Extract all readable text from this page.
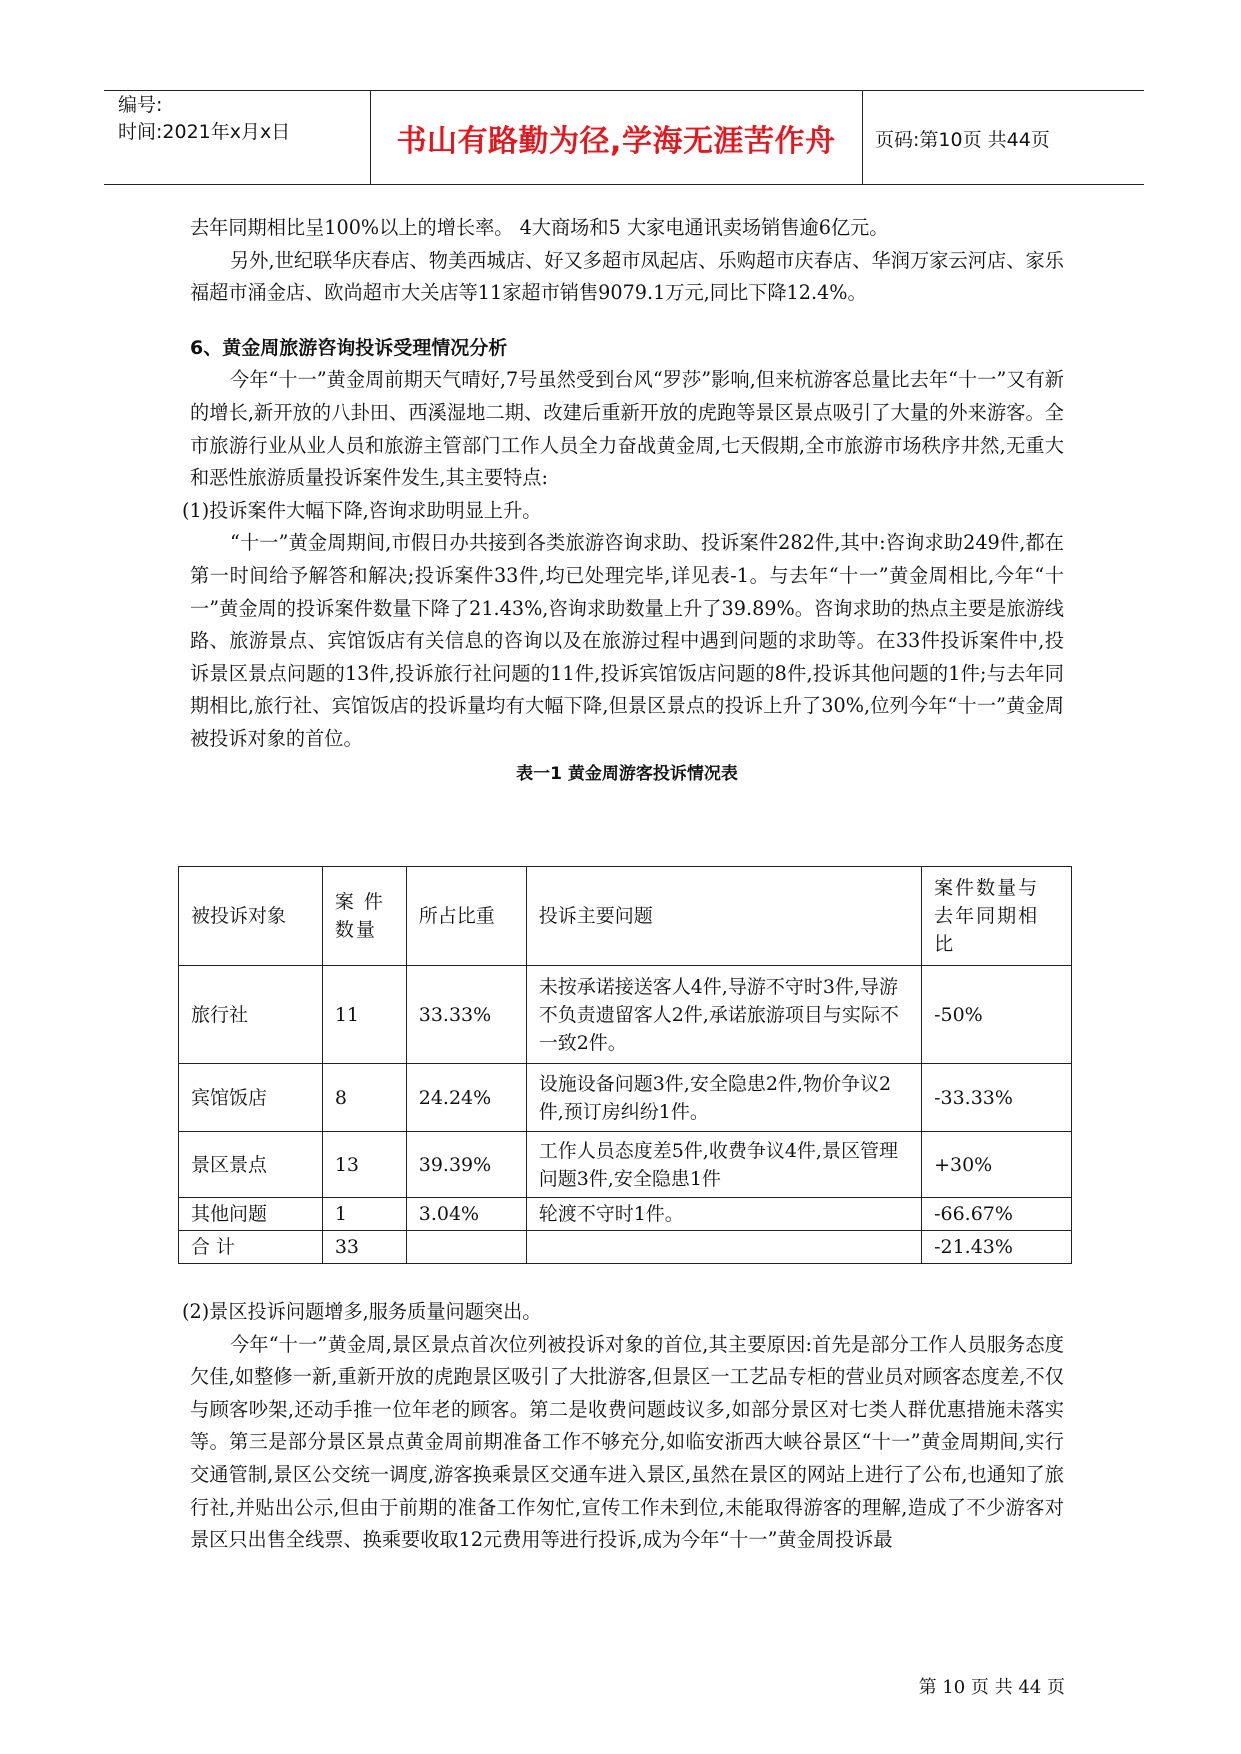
编号:
时间:2021年x月x日	书山有路勤为径,学海无涯苦作舟	页码:第10页 共44页

去年同期相比呈100%以上的增长率。 4大商场和5 大家电通讯卖场销售逾6亿元。

另外,世纪联华庆春店、物美西城店、好又多超市凤起店、乐购超市庆春店、华润万家云河店、家乐福超市涌金店、欧尚超市大关店等11家超市销售9079.1万元,同比下降12.4%。

6、黄金周旅游咨询投诉受理情况分析

今年“十一”黄金周前期天气晴好,7号虽然受到台风“罗莎”影响,但来杭游客总量比去年“十一”又有新的增长,新开放的八卦田、西溪湿地二期、改建后重新开放的虎跑等景区景点吸引了大量的外来游客。全市旅游行业从业人员和旅游主管部门工作人员全力奋战黄金周,七天假期,全市旅游市场秩序井然,无重大和恶性旅游质量投诉案件发生,其主要特点:

(1)投诉案件大幅下降,咨询求助明显上升。

“十一”黄金周期间,市假日办共接到各类旅游咨询求助、投诉案件282件,其中:咨询求助249件,都在第一时间给予解答和解决;投诉案件33件,均已处理完毕,详见表-1。与去年“十一”黄金周相比,今年“十一”黄金周的投诉案件数量下降了21.43%,咨询求助数量上升了39.89%。咨询求助的热点主要是旅游线路、旅游景点、宾馆饭店有关信息的咨询以及在旅游过程中遇到问题的求助等。在33件投诉案件中,投诉景区景点问题的13件,投诉旅行社问题的11件,投诉宾馆饭店问题的8件,投诉其他问题的1件;与去年同期相比,旅行社、宾馆饭店的投诉量均有大幅下降,但景区景点的投诉上升了30%,位列今年“十一”黄金周被投诉对象的首位。

表一1 黄金周游客投诉情况表

被投诉对象	案 件数量	所占比重	投诉主要问题	案件数量与去年同期相比
旅行社	11	33.33%	未按承诺接送客人4件,导游不守时3件,导游不负责遗留客人2件,承诺旅游项目与实际不一致2件。	-50%
宾馆饭店	8	24.24%	设施设备问题3件,安全隐患2件,物价争议2件,预订房纠纷1件。	-33.33%
景区景点	13	39.39%	工作人员态度差5件,收费争议4件,景区管理问题3件,安全隐患1件	+30%
其他问题	1	3.04%	轮渡不守时1件。	-66.67%
合 计	33			-21.43%

(2)景区投诉问题增多,服务质量问题突出。

今年“十一”黄金周,景区景点首次位列被投诉对象的首位,其主要原因:首先是部分工作人员服务态度欠佳,如整修一新,重新开放的虎跑景区吸引了大批游客,但景区一工艺品专柜的营业员对顾客态度差,不仅与顾客吵架,还动手推一位年老的顾客。第二是收费问题歧议多,如部分景区对七类人群优惠措施未落实等。第三是部分景区景点黄金周前期准备工作不够充分,如临安浙西大峡谷景区“十一”黄金周期间,实行交通管制,景区公交统一调度,游客换乘景区交通车进入景区,虽然在景区的网站上进行了公布,也通知了旅行社,并贴出公示,但由于前期的准备工作匆忙,宣传工作未到位,未能取得游客的理解,造成了不少游客对景区只出售全线票、换乘要收取12元费用等进行投诉,成为今年“十一”黄金周投诉最

第 10 页 共 44 页
